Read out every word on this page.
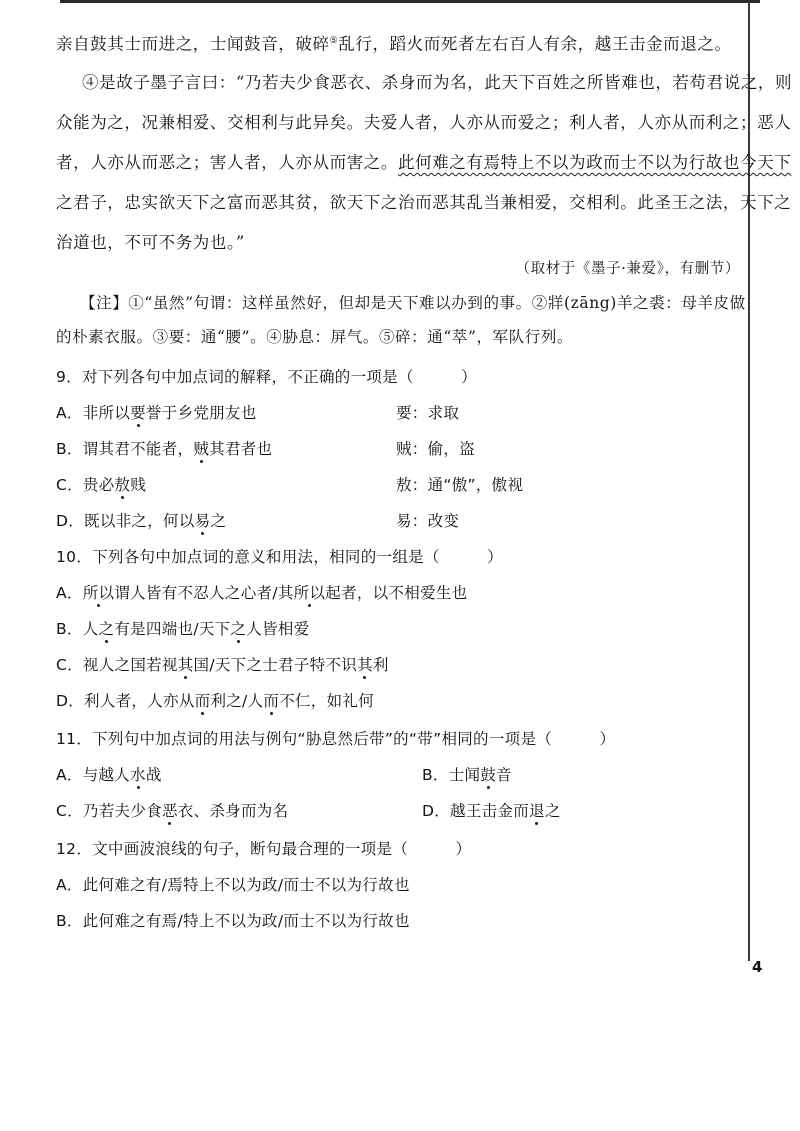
亲自鼓其士而进之，士闻鼓音，破碎⑤乱行，蹈火而死者左右百人有余，越王击金而退之。
④是故子墨子言曰：“乃若夫少食恶衣、杀身而为名，此天下百姓之所皆难也，若苟君说之，则
众能为之，况兼相爱、交相利与此异矣。夫爱人者，人亦从而爱之；利人者，人亦从而利之；恶人
者，人亦从而恶之；害人者，人亦从而害之。此何难之有焉特上不以为政而士不以为行故也今天下
之君子，忠实欲天下之富而恶其贫，欲天下之治而恶其乱当兼相爱，交相利。此圣王之法，天下之
治道也，不可不务为也。”
（取材于《墨子·兼爱》，有删节）
【注】①“虽然”句谓：这样虽然好，但却是天下难以办到的事。②牂(zāng)羊之裘：母羊皮做
的朴素衣服。③要：通“腰”。④胁息：屏气。⑤碎：通“萃”，军队行列。
9．对下列各句中加点词的解释，不正确的一项是（　　　）
A．非所以要誉于乡党朋友也	要：求取
B．谓其君不能者，贼其君者也	贼：偷，盗
C．贵必敖贱	敖：通“傲”，傲视
D．既以非之，何以易之	易：改变
10．下列各句中加点词的意义和用法，相同的一组是（　　　）
A．所以谓人皆有不忍人之心者/其所以起者，以不相爱生也
B．人之有是四端也/天下之人皆相爱
C．视人之国若视其国/天下之士君子特不识其利
D．利人者，人亦从而利之/人而不仁，如礼何
11．下列句中加点词的用法与例句“胁息然后带”的“带”相同的一项是（　　　）
A．与越人水战	B．士闻鼓音
C．乃若夫少食恶衣、杀身而为名	D．越王击金而退之
12．文中画波浪线的句子，断句最合理的一项是（　　　）
A．此何难之有/焉特上不以为政/而士不以为行故也
B．此何难之有焉/特上不以为政/而士不以为行故也
4
